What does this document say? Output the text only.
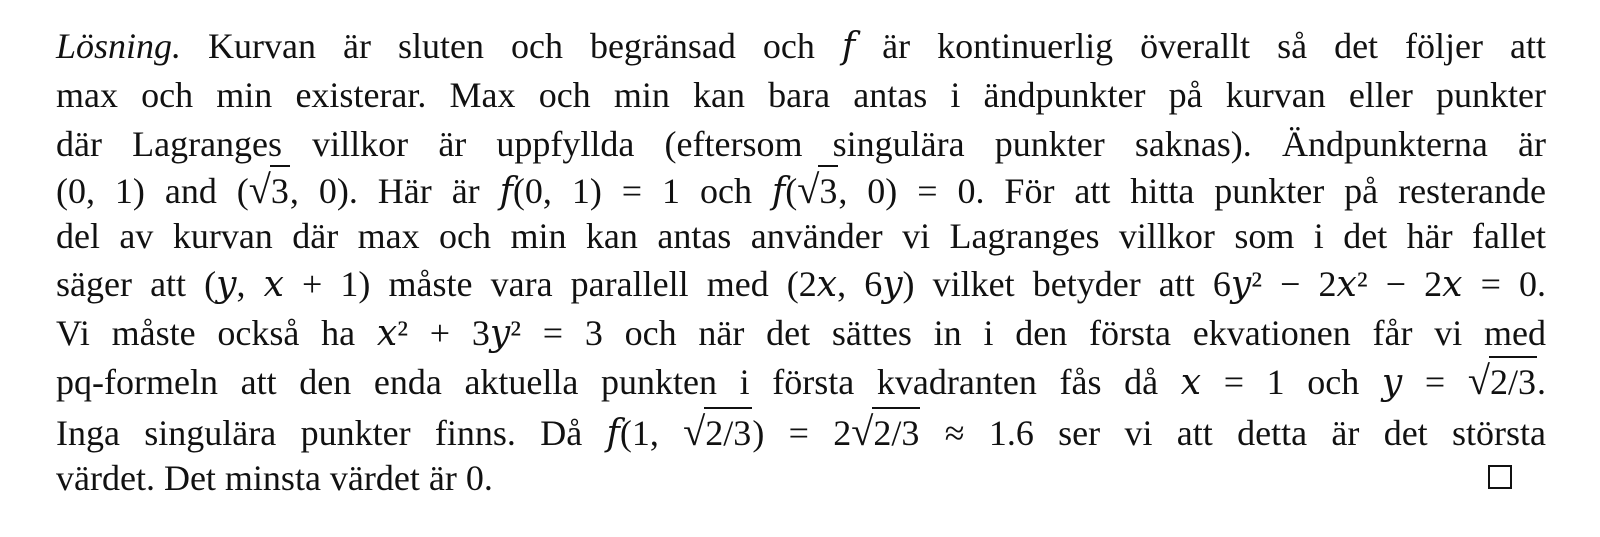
Lösning. Kurvan är sluten och begränsad och 𝑓 är kontinuerlig överallt så det följer att
max och min existerar. Max och min kan bara antas i ändpunkter på kurvan eller punkter
där Lagranges villkor är uppfyllda (eftersom singulära punkter saknas). Ändpunkterna är
(0, 1) and (√3, 0). Här är 𝑓(0, 1) = 1 och 𝑓(√3, 0) = 0. För att hitta punkter på resterande
del av kurvan där max och min kan antas använder vi Lagranges villkor som i det här fallet
säger att (𝑦, 𝑥 + 1) måste vara parallell med (2𝑥, 6𝑦) vilket betyder att 6𝑦² − 2𝑥² − 2𝑥 = 0.
Vi måste också ha 𝑥² + 3𝑦² = 3 och när det sättes in i den första ekvationen får vi med
pq-formeln att den enda aktuella punkten i första kvadranten fås då 𝑥 = 1 och 𝑦 = √2/3.
Inga singulära punkter finns. Då 𝑓(1, √2/3) = 2√2/3 ≈ 1.6 ser vi att detta är det största
värdet. Det minsta värdet är 0.
